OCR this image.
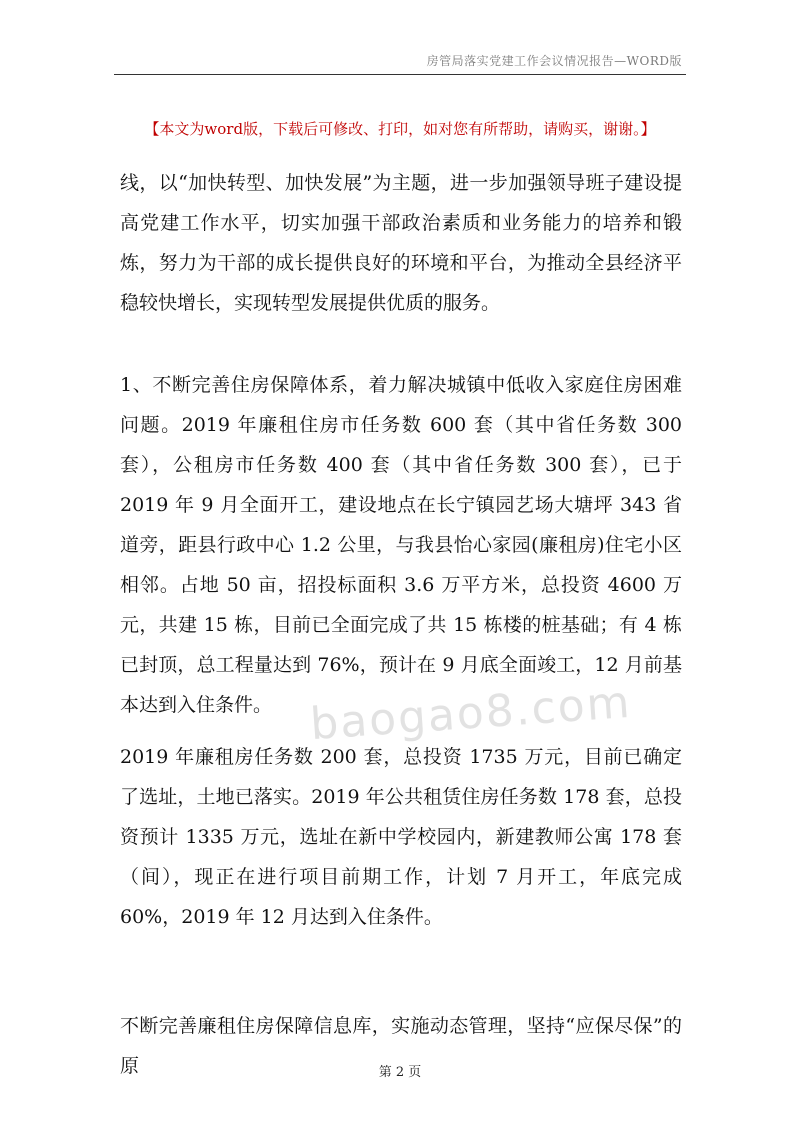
房管局落实党建工作会议情况报告—WORD版
【本文为word版，下载后可修改、打印，如对您有所帮助，请购买，谢谢。】
线，以“加快转型、加快发展”为主题，进一步加强领导班子建设提高党建工作水平，切实加强干部政治素质和业务能力的培养和锻炼，努力为干部的成长提供良好的环境和平台，为推动全县经济平稳较快增长，实现转型发展提供优质的服务。
1、不断完善住房保障体系，着力解决城镇中低收入家庭住房困难问题。2019 年廉租住房市任务数 600 套（其中省任务数 300 套），公租房市任务数 400 套（其中省任务数 300 套），已于 2019 年 9 月全面开工，建设地点在长宁镇园艺场大塘坪 343 省道旁，距县行政中心 1.2 公里，与我县怡心家园(廉租房)住宅小区相邻。占地 50 亩，招投标面积 3.6 万平方米，总投资 4600 万元，共建 15 栋，目前已全面完成了共 15 栋楼的桩基础；有 4 栋已封顶，总工程量达到 76%，预计在 9 月底全面竣工，12 月前基本达到入住条件。 baogao8.com
2019 年廉租房任务数 200 套，总投资 1735 万元，目前已确定了选址，土地已落实。2019 年公共租赁住房任务数 178 套，总投资预计 1335 万元，选址在新中学校园内，新建教师公寓 178 套（间），现正在进行项目前期工作，计划 7 月开工，年底完成 60%，2019 年 12 月达到入住条件。
不断完善廉租住房保障信息库，实施动态管理，坚持“应保尽保”的原	第 2 页
